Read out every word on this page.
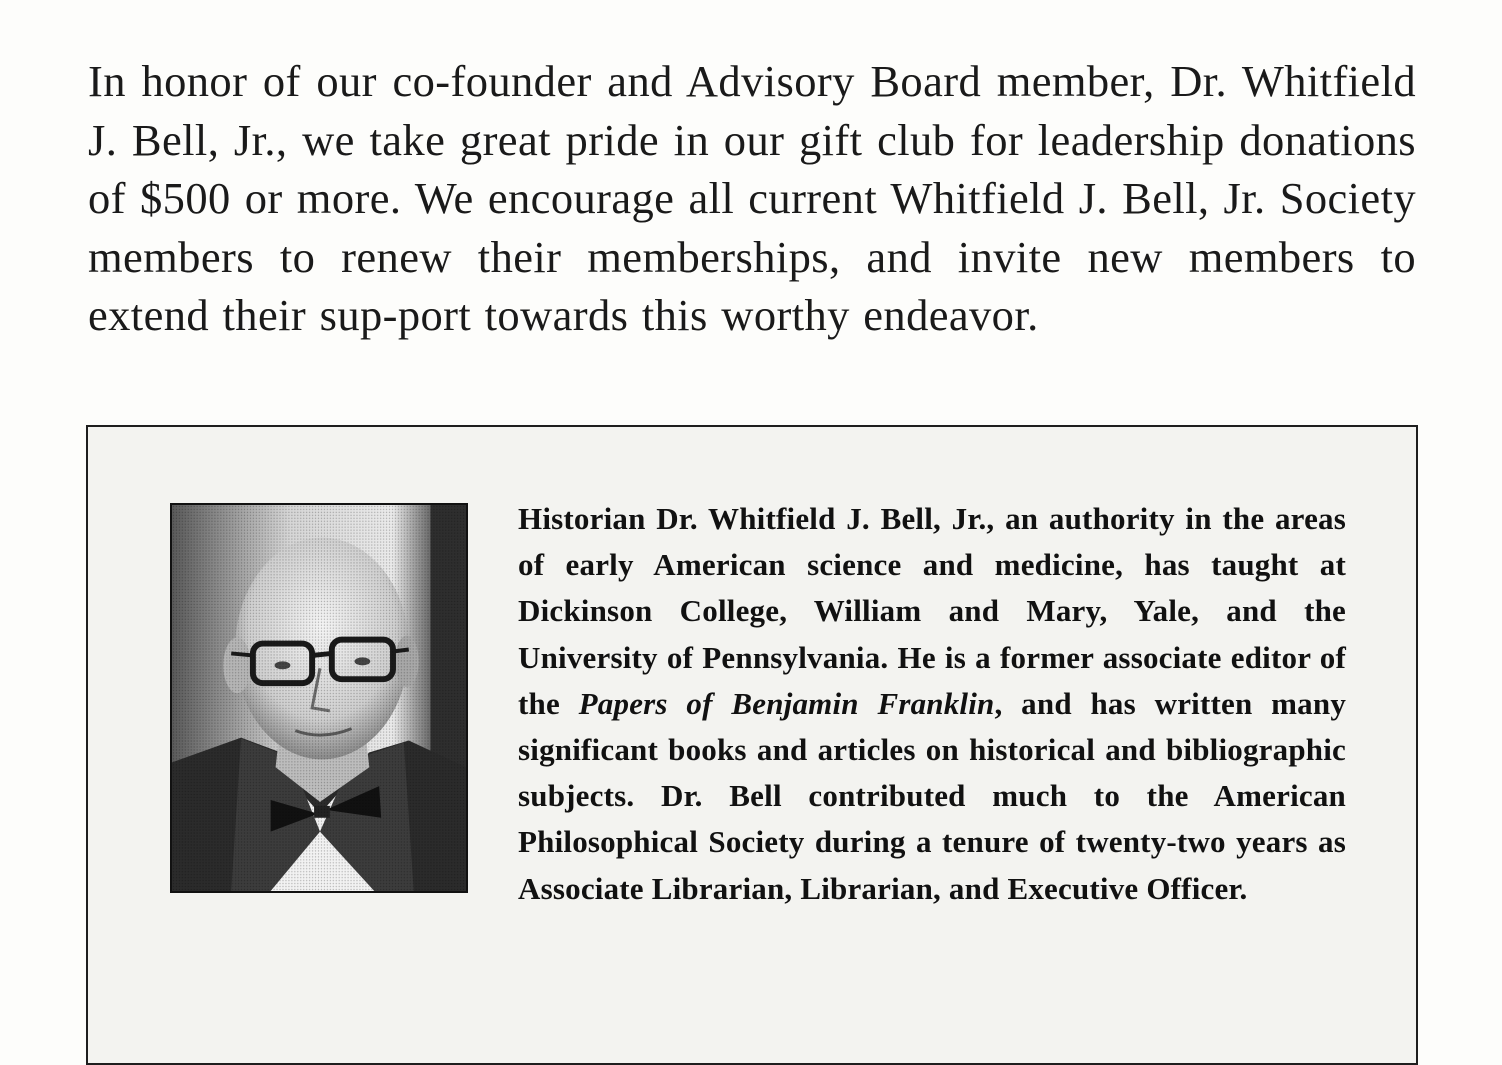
In honor of our co-founder and Advisory Board member, Dr. Whitfield J. Bell, Jr., we take great pride in our gift club for leadership donations of $500 or more. We encourage all current Whitfield J. Bell, Jr. Society members to renew their memberships, and invite new members to extend their sup-port towards this worthy endeavor.

Historian Dr. Whitfield J. Bell, Jr., an authority in the areas of early American science and medicine, has taught at Dickinson College, William and Mary, Yale, and the University of Pennsylvania. He is a former associate editor of the Papers of Benjamin Franklin, and has written many significant books and articles on historical and bibliographic subjects. Dr. Bell contributed much to the American Philosophical Society during a tenure of twenty-two years as Associate Librarian, Librarian, and Executive Officer.
